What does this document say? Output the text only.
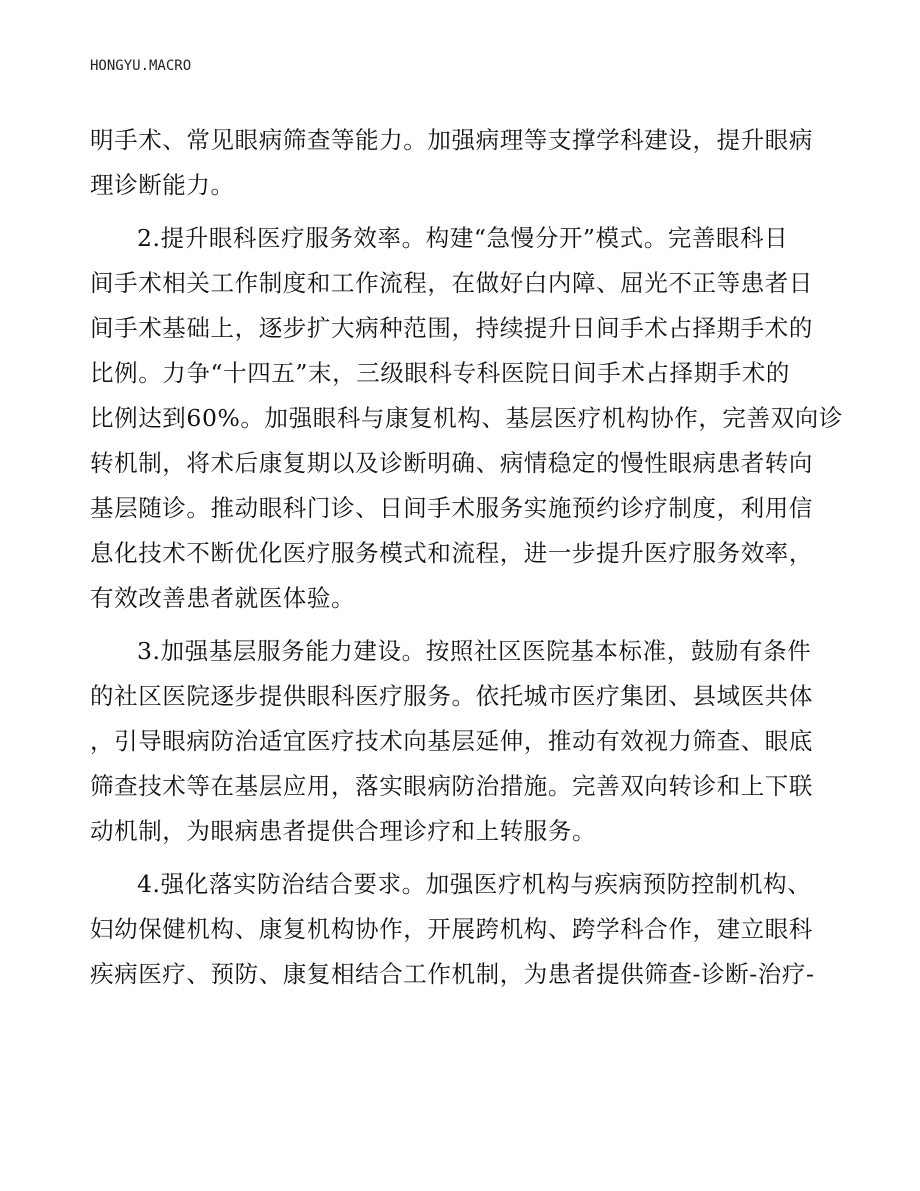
HONGYU.MACRO
明手术、常见眼病筛查等能力。加强病理等支撑学科建设，提升眼病
理诊断能力。
2.提升眼科医疗服务效率。构建“急慢分开”模式。完善眼科日
间手术相关工作制度和工作流程，在做好白内障、屈光不正等患者日
间手术基础上，逐步扩大病种范围，持续提升日间手术占择期手术的
比例。力争“十四五”末，三级眼科专科医院日间手术占择期手术的
比例达到60%。加强眼科与康复机构、基层医疗机构协作，完善双向诊
转机制，将术后康复期以及诊断明确、病情稳定的慢性眼病患者转向
基层随诊。推动眼科门诊、日间手术服务实施预约诊疗制度，利用信
息化技术不断优化医疗服务模式和流程，进一步提升医疗服务效率，
有效改善患者就医体验。
3.加强基层服务能力建设。按照社区医院基本标准，鼓励有条件
的社区医院逐步提供眼科医疗服务。依托城市医疗集团、县域医共体
，引导眼病防治适宜医疗技术向基层延伸，推动有效视力筛查、眼底
筛查技术等在基层应用，落实眼病防治措施。完善双向转诊和上下联
动机制，为眼病患者提供合理诊疗和上转服务。
4.强化落实防治结合要求。加强医疗机构与疾病预防控制机构、
妇幼保健机构、康复机构协作，开展跨机构、跨学科合作，建立眼科
疾病医疗、预防、康复相结合工作机制，为患者提供筛查-诊断-治疗-
